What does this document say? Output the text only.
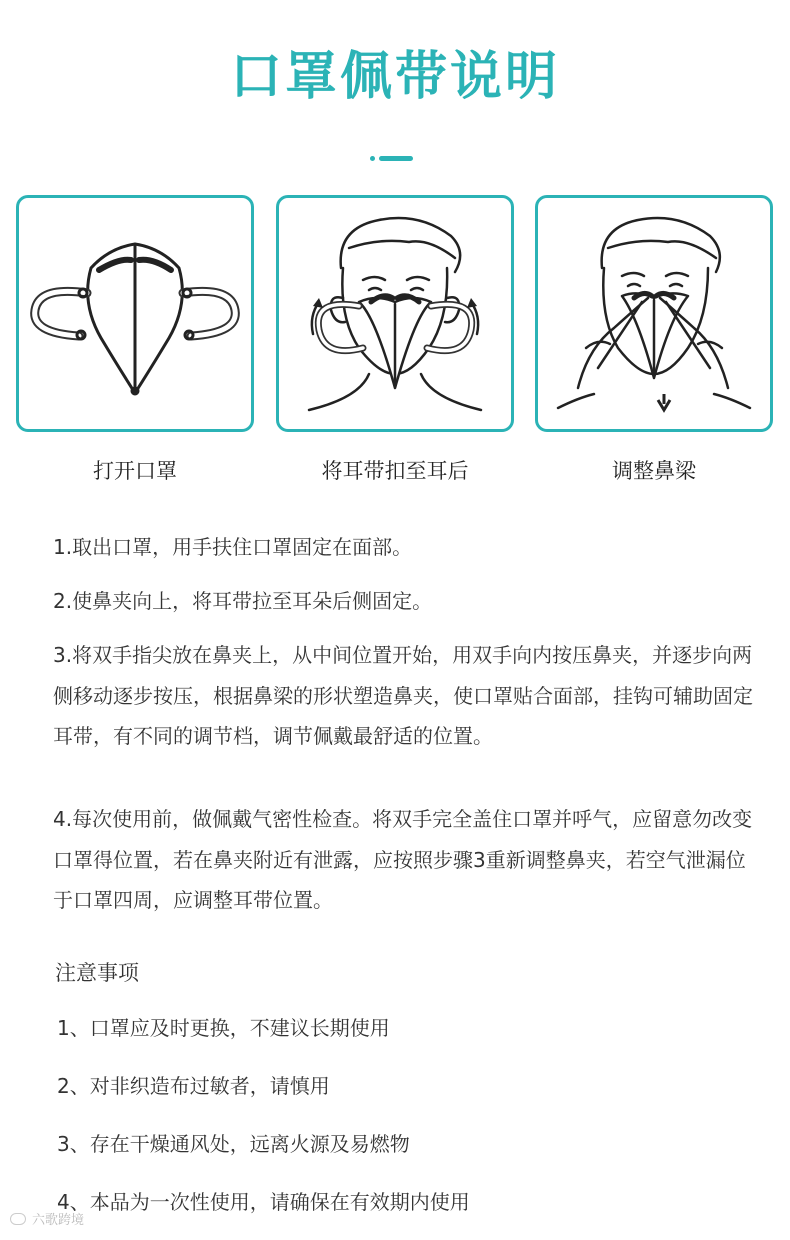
口罩佩带说明
打开口罩	将耳带扣至耳后	调整鼻梁

1.取出口罩，用手扶住口罩固定在面部。

2.使鼻夹向上，将耳带拉至耳朵后侧固定。

3.将双手指尖放在鼻夹上，从中间位置开始，用双手向内按压鼻夹，并逐步向两侧移动逐步按压，根据鼻梁的形状塑造鼻夹，使口罩贴合面部，挂钩可辅助固定耳带，有不同的调节档，调节佩戴最舒适的位置。

4.每次使用前，做佩戴气密性检查。将双手完全盖住口罩并呼气，应留意勿改变口罩得位置，若在鼻夹附近有泄露，应按照步骤3重新调整鼻夹，若空气泄漏位于口罩四周，应调整耳带位置。

注意事项
1、口罩应及时更换，不建议长期使用
2、对非织造布过敏者，请慎用
3、存在干燥通风处，远离火源及易燃物
4、本品为一次性使用，请确保在有效期内使用
六歌跨境
